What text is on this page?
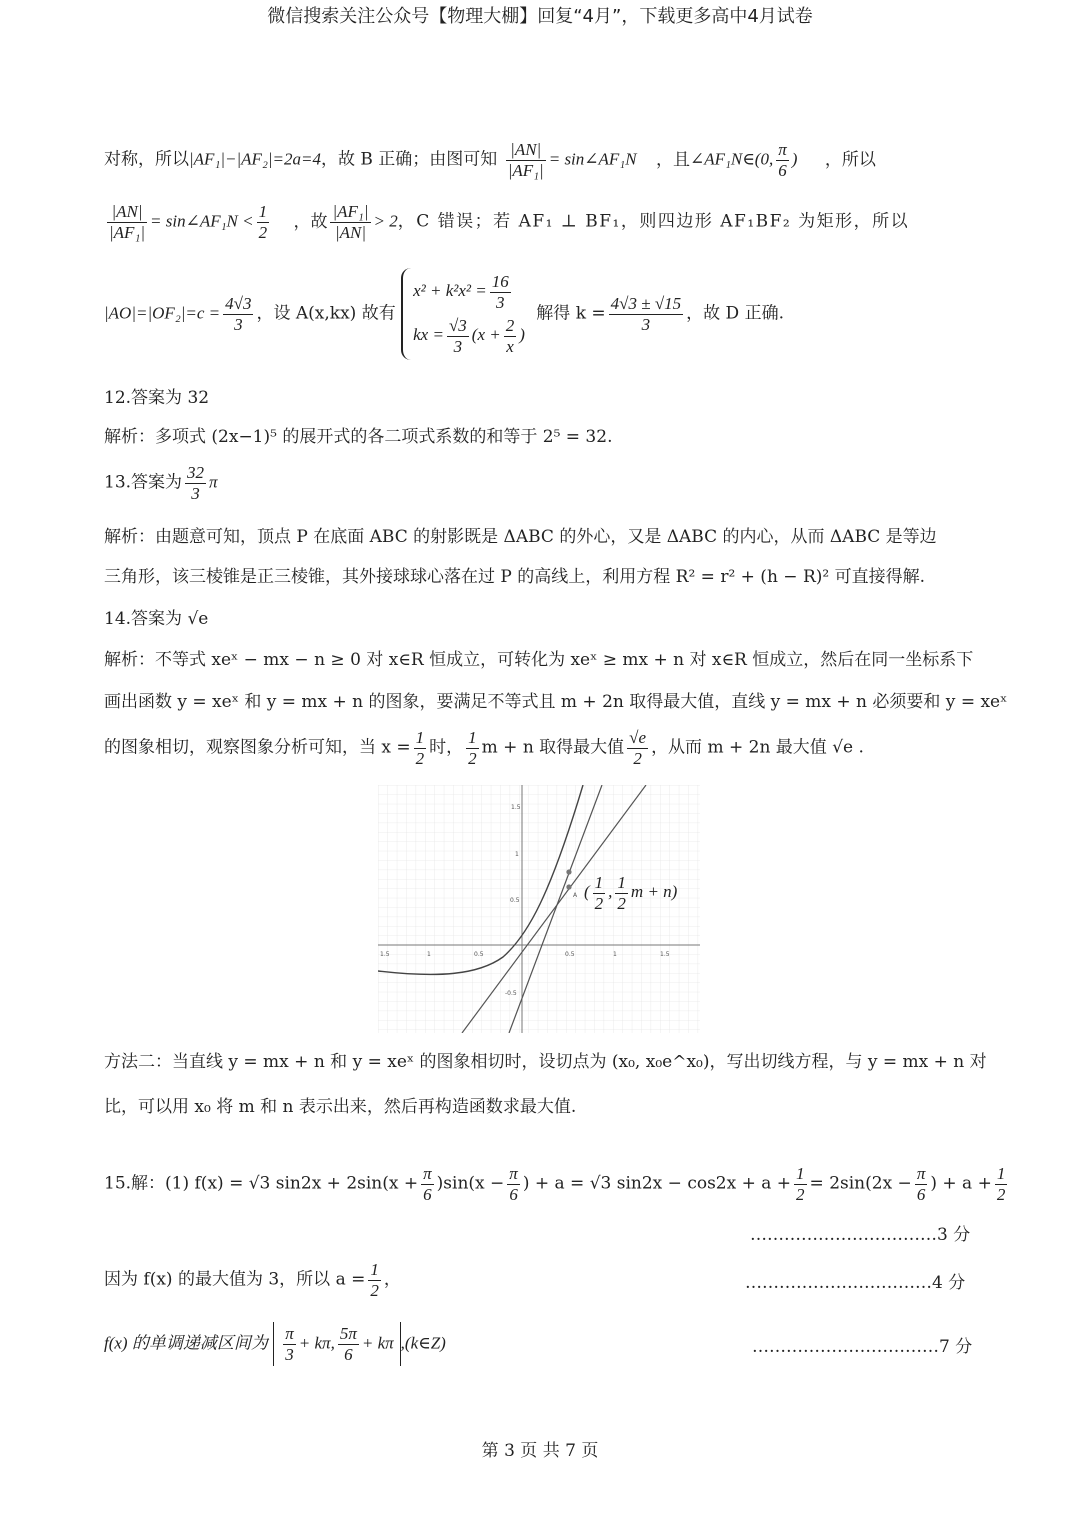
微信搜索关注公众号【物理大棚】回复“4月”，下载更多高中4月试卷
对称，所以|AF₁|−|AF₂|=2a=4，故 B 正确；由图可知 $\frac{|AN|}{\text{|AF₁|}}$ = sin∠AF₁N ，且∠AF₁N∈(0, $\frac{\pi}{6}$ ) ，所以
$\frac{|AN|}{\text{|AF₁|}}$ = sin∠AF₁N < $\frac{1}{2}$ ，故 $\frac{\text{|AF₁|}}{|AN|} > 2$，C 错误；若 AF₁ ⊥ BF₁，则四边形 AF₁BF₂ 为矩形，所以
$|AO|=|OF_2|=c = \frac{4√3}{3}$ ，设 A(x,kx) 故有
$x^2 + k^2x^2 = \frac{16}{3}$
kx = $\frac{√3}{3} (x + \frac{2}{x}$ )
解得 $k = \frac{4√3 \pm √15}{3}$ ，故 D 正确.
12.答案为 32
解析：多项式 (2x−1)⁵ 的展开式的各二项式系数的和等于 2⁵ = 32.
13.答案为 $\frac{32}{3}$ π
解析：由题意可知，顶点 P 在底面 ABC 的射影既是 ΔABC 的外心，又是 ΔABC 的内心，从而 ΔABC 是等边
三角形，该三棱锥是正三棱锥，其外接球球心落在过 P 的高线上，利用方程 R² = r² + (h − R)² 可直接得解.
14.答案为 √e
解析：不等式 xeˣ − mx − n ≥ 0 对 x∈R 恒成立，可转化为 xeˣ ≥ mx + n 对 x∈R 恒成立，然后在同一坐标系下
画出函数 y = xeˣ 和 y = mx + n 的图象，要满足不等式且 m + 2n 取得最大值，直线 y = mx + n 必须要和 y = xeˣ
的图象相切，观察图象分析可知，当 $x = \frac{1}{2}$ 时， $\frac{1}{2}$ m + n 取得最大值 $\frac{√e}{2}$ ，从而 m + 2n 最大值 √e .
1.5	1	0.5	0.5	1	1.5
1.5
1
0.5
-0.5
A ( $\frac{1}{2}$ , $\frac{1}{2}$ m + n)
方法二：当直线 y = mx + n 和 y = xeˣ 的图象相切时，设切点为 (x₀, x₀e^x₀)，写出切线方程，与 y = mx + n 对
比，可以用 x₀ 将 m 和 n 表示出来，然后再构造函数求最大值.
15.解：(1) f(x) = √3 $\sin 2x + 2\sin(x + \frac{\pi}{6} )\sin(x - \frac{\pi}{6}$ ) + a = √3 $\sin 2x - \cos 2x + a + \frac{1}{2} = 2\sin(2x - \frac{\pi}{6}$ ) + $a + \frac{1}{2}$
……………………………3 分
因为 f(x) 的最大值为 3，所以 $a = \frac{1}{2}$ ，	……………………………4 分
f(x) 的单调递减区间为 $\frac{\pi}{3} + k\pi$, $\frac{5\pi}{6} + k\pi$ ,(k∈Z)	……………………………7 分
第 3 页 共 7 页
